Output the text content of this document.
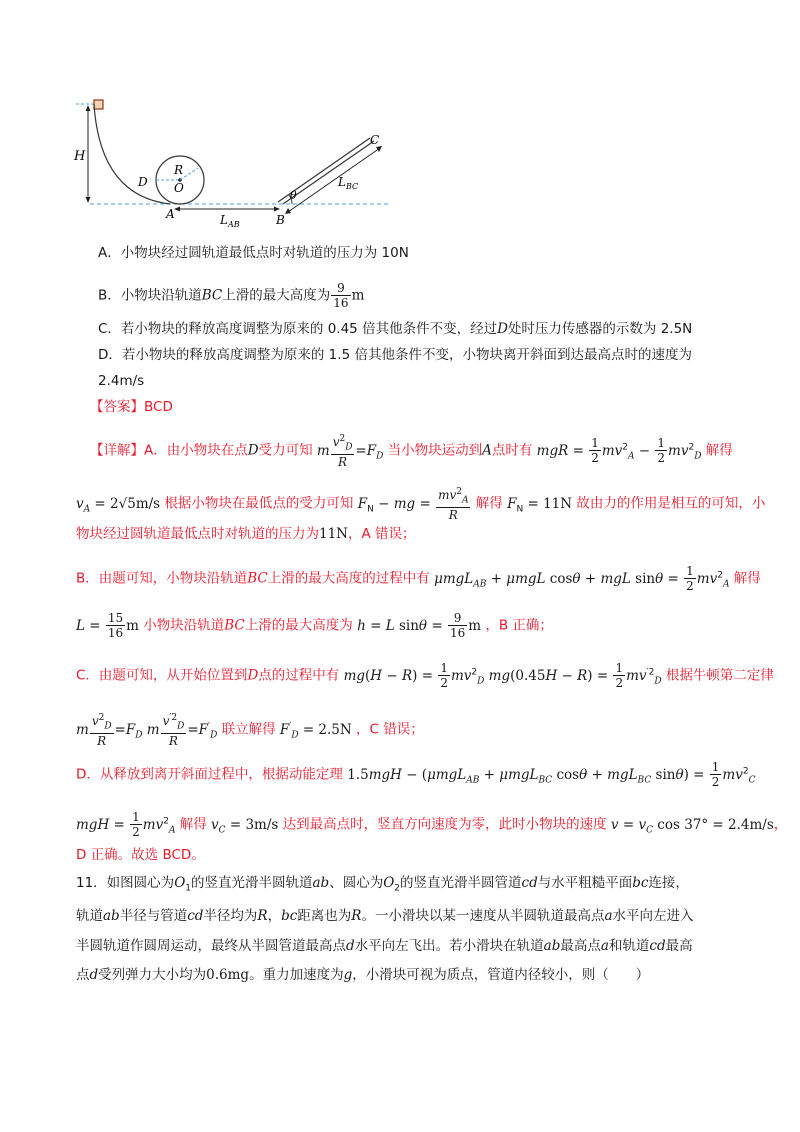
H
R
O
D
A	B
$L_{AB}$
θ
$L_{BC}$
C
A．小物块经过圆轨道最低点时对轨道的压力为 10N
B．小物块沿轨道BC上滑的最大高度为 $\frac{9}{16}$ m
C．若小物块的释放高度调整为原来的 0.45 倍其他条件不变，经过D处时压力传感器的示数为 2.5N
D．若小物块的释放高度调整为原来的 1.5 倍其他条件不变，小物块离开斜面到达最高点时的速度为
2.4m/s
【答案】BCD
【详解】A．由小物块在点D受力可知 m $\frac{v^2_D}{R} =F_D$ 当小物块运动到A点时有 mgR = $\frac{1}{2} mv^2_A - \frac{1}{2} mv^2_D$ 解得
$v_A = 2√5m/s$ 根据小物块在最低点的受力可知 $F_N$ − mg = $\frac{mv^2_A}{R}$ 解得 $F_N = 11N$ 故由力的作用是相互的可知，小
物块经过圆轨道最低点时对轨道的压力为11N，A 错误；
B．由题可知，小物块沿轨道BC上滑的最大高度的过程中有 μmgL$_{AB}$ + μmgL cosθ + mgL $\sin\theta = \frac{1}{2} mv^2_A$ 解得
$L = \frac{15}{16}$ m 小物块沿轨道BC上滑的最大高度为 h = L $\sin\theta = \frac{9}{16}$ m ，B 正确；
C．由题可知，从开始位置到D点的过程中有 $mg(H - R) = \frac{1}{2} mv^2_D$ $mg(0.45H - R) = \frac{1}{2} mv^{'2}_D$ 根据牛顿第二定律
m $\frac{v^2_D}{R} =F_D$ m $\frac{v^{'2}_D}{R} =F'_D$ 联立解得 $F'_D = 2.5N$ ，C 错误；
D．从释放到离开斜面过程中，根据动能定理 1.5mgH − (μmgL$_{AB}$ + μmgL$_{BC}$ cosθ + mgL$_{BC}$ $\sin\theta) = \frac{1}{2} mv^2_C$
mgH = $\frac{1}{2} mv^2_A$ 解得 $v_C = 3m/s$ 达到最高点时，竖直方向速度为零，此时小物块的速度 $v = v_C$ cos 37° = 2.4m/s，
D 正确。故选 BCD。
11．如图圆心为$O_1$的竖直光滑半圆轨道ab、圆心为$O_2$的竖直光滑半圆管道cd与水平粗糙平面bc连接，
轨道ab半径与管道cd半径均为R，bc距离也为R。一小滑块以某一速度从半圆轨道最高点a水平向左进入
半圆轨道作圆周运动，最终从半圆管道最高点d水平向左飞出。若小滑块在轨道ab最高点a和轨道cd最高
点d受列弹力大小均为0.6mg。重力加速度为g，小滑块可视为质点，管道内径较小，则（　　）
